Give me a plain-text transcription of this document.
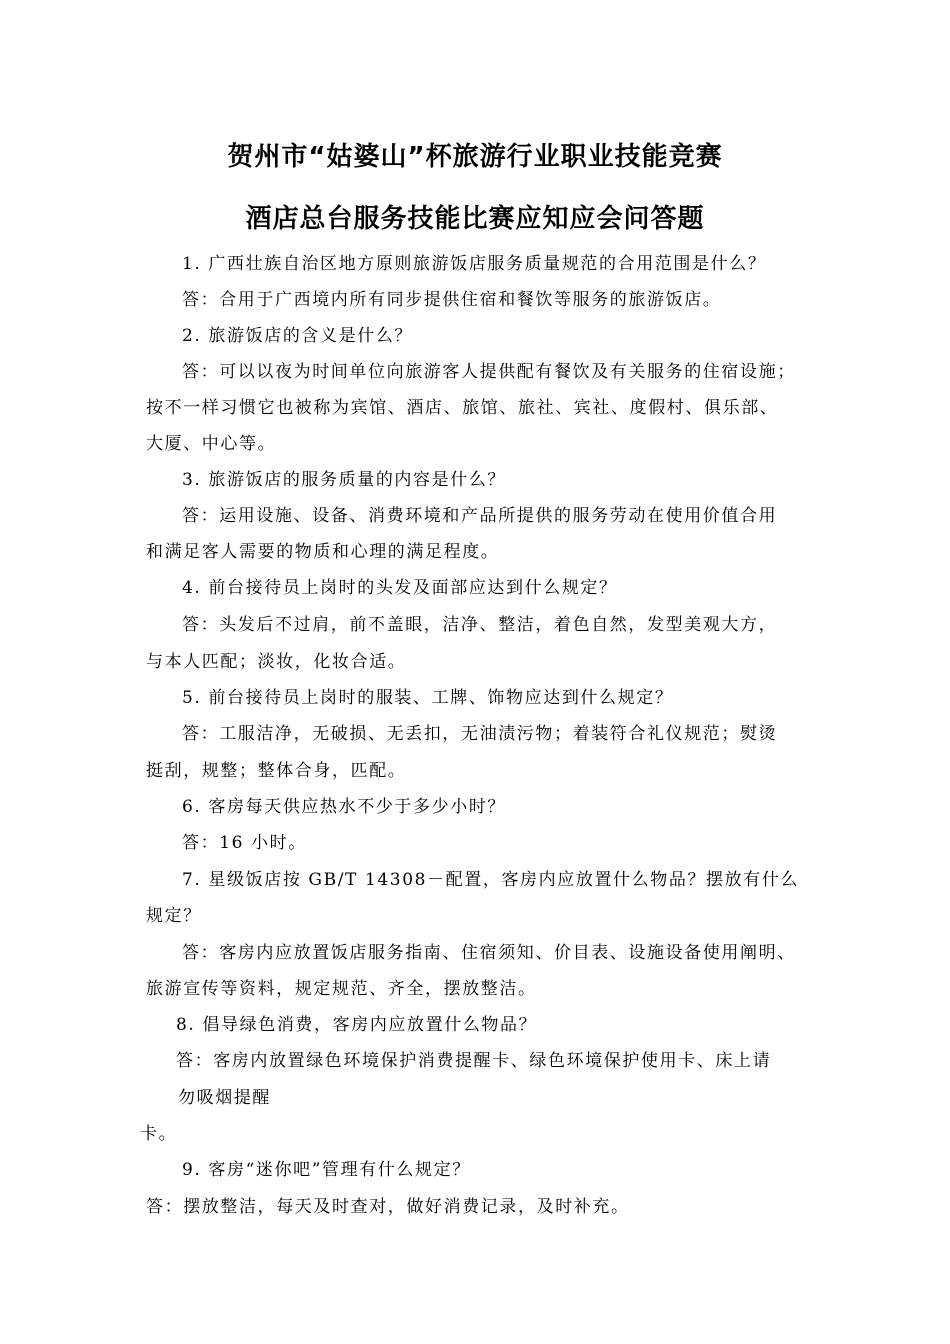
贺州市“姑婆山”杯旅游行业职业技能竞赛
酒店总台服务技能比赛应知应会问答题
1. 广西壮族自治区地方原则旅游饭店服务质量规范的合用范围是什么？
答：合用于广西境内所有同步提供住宿和餐饮等服务的旅游饭店。
2. 旅游饭店的含义是什么？
答：可以以夜为时间单位向旅游客人提供配有餐饮及有关服务的住宿设施；
按不一样习惯它也被称为宾馆、酒店、旅馆、旅社、宾社、度假村、俱乐部、
大厦、中心等。
3. 旅游饭店的服务质量的内容是什么？
答：运用设施、设备、消费环境和产品所提供的服务劳动在使用价值合用
和满足客人需要的物质和心理的满足程度。
4. 前台接待员上岗时的头发及面部应达到什么规定？
答：头发后不过肩，前不盖眼，洁净、整洁，着色自然，发型美观大方，
与本人匹配；淡妆，化妆合适。
5. 前台接待员上岗时的服装、工牌、饰物应达到什么规定？
答：工服洁净，无破损、无丢扣，无油渍污物；着装符合礼仪规范；熨烫
挺刮，规整；整体合身，匹配。
6. 客房每天供应热水不少于多少小时？
答：16 小时。
7. 星级饭店按 GB/T 14308－配置，客房内应放置什么物品？摆放有什么
规定？
答：客房内应放置饭店服务指南、住宿须知、价目表、设施设备使用阐明、
旅游宣传等资料，规定规范、齐全，摆放整洁。
8. 倡导绿色消费，客房内应放置什么物品？
答：客房内放置绿色环境保护消费提醒卡、绿色环境保护使用卡、床上请
勿吸烟提醒
卡。
9. 客房“迷你吧”管理有什么规定？
答：摆放整洁，每天及时查对，做好消费记录，及时补充。
